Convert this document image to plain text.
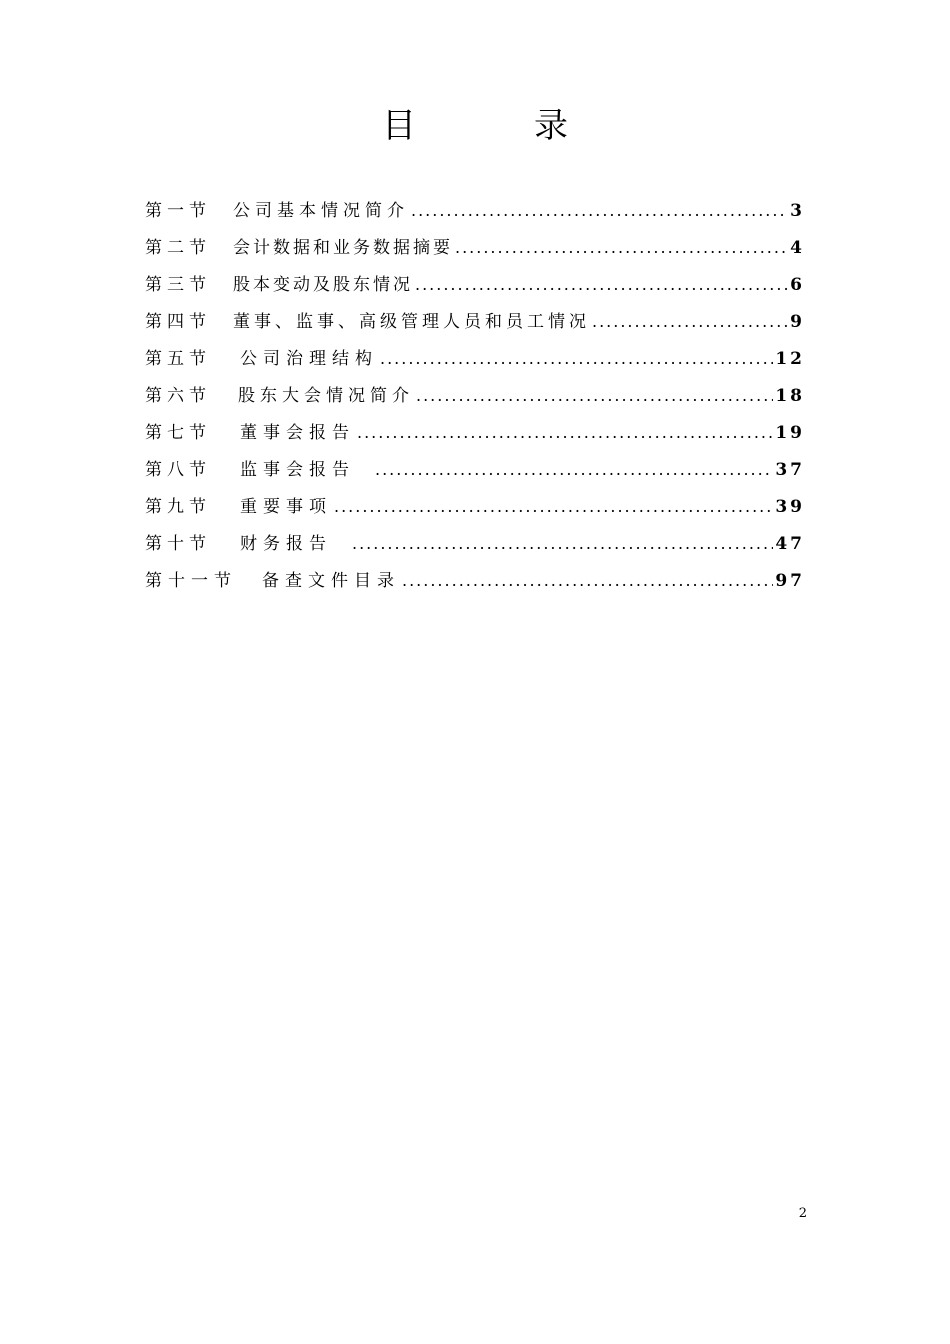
目　录
第一节	公司基本情况简介 .....	3
第二节	会计数据和业务数据摘要 .....	4
第三节	股本变动及股东情况 .....	6
第四节	董事、监事、高级管理人员和员工情况 .....	9
第五节	公司治理结构 .....	12
第六节	股东大会情况简介 .....	18
第七节	董事会报告 .....	19
第八节	监事会报告 .....	37
第九节	重要事项 .....	39
第十节	财务报告 .....	47
第十一节	备查文件目录 .....	97
2
